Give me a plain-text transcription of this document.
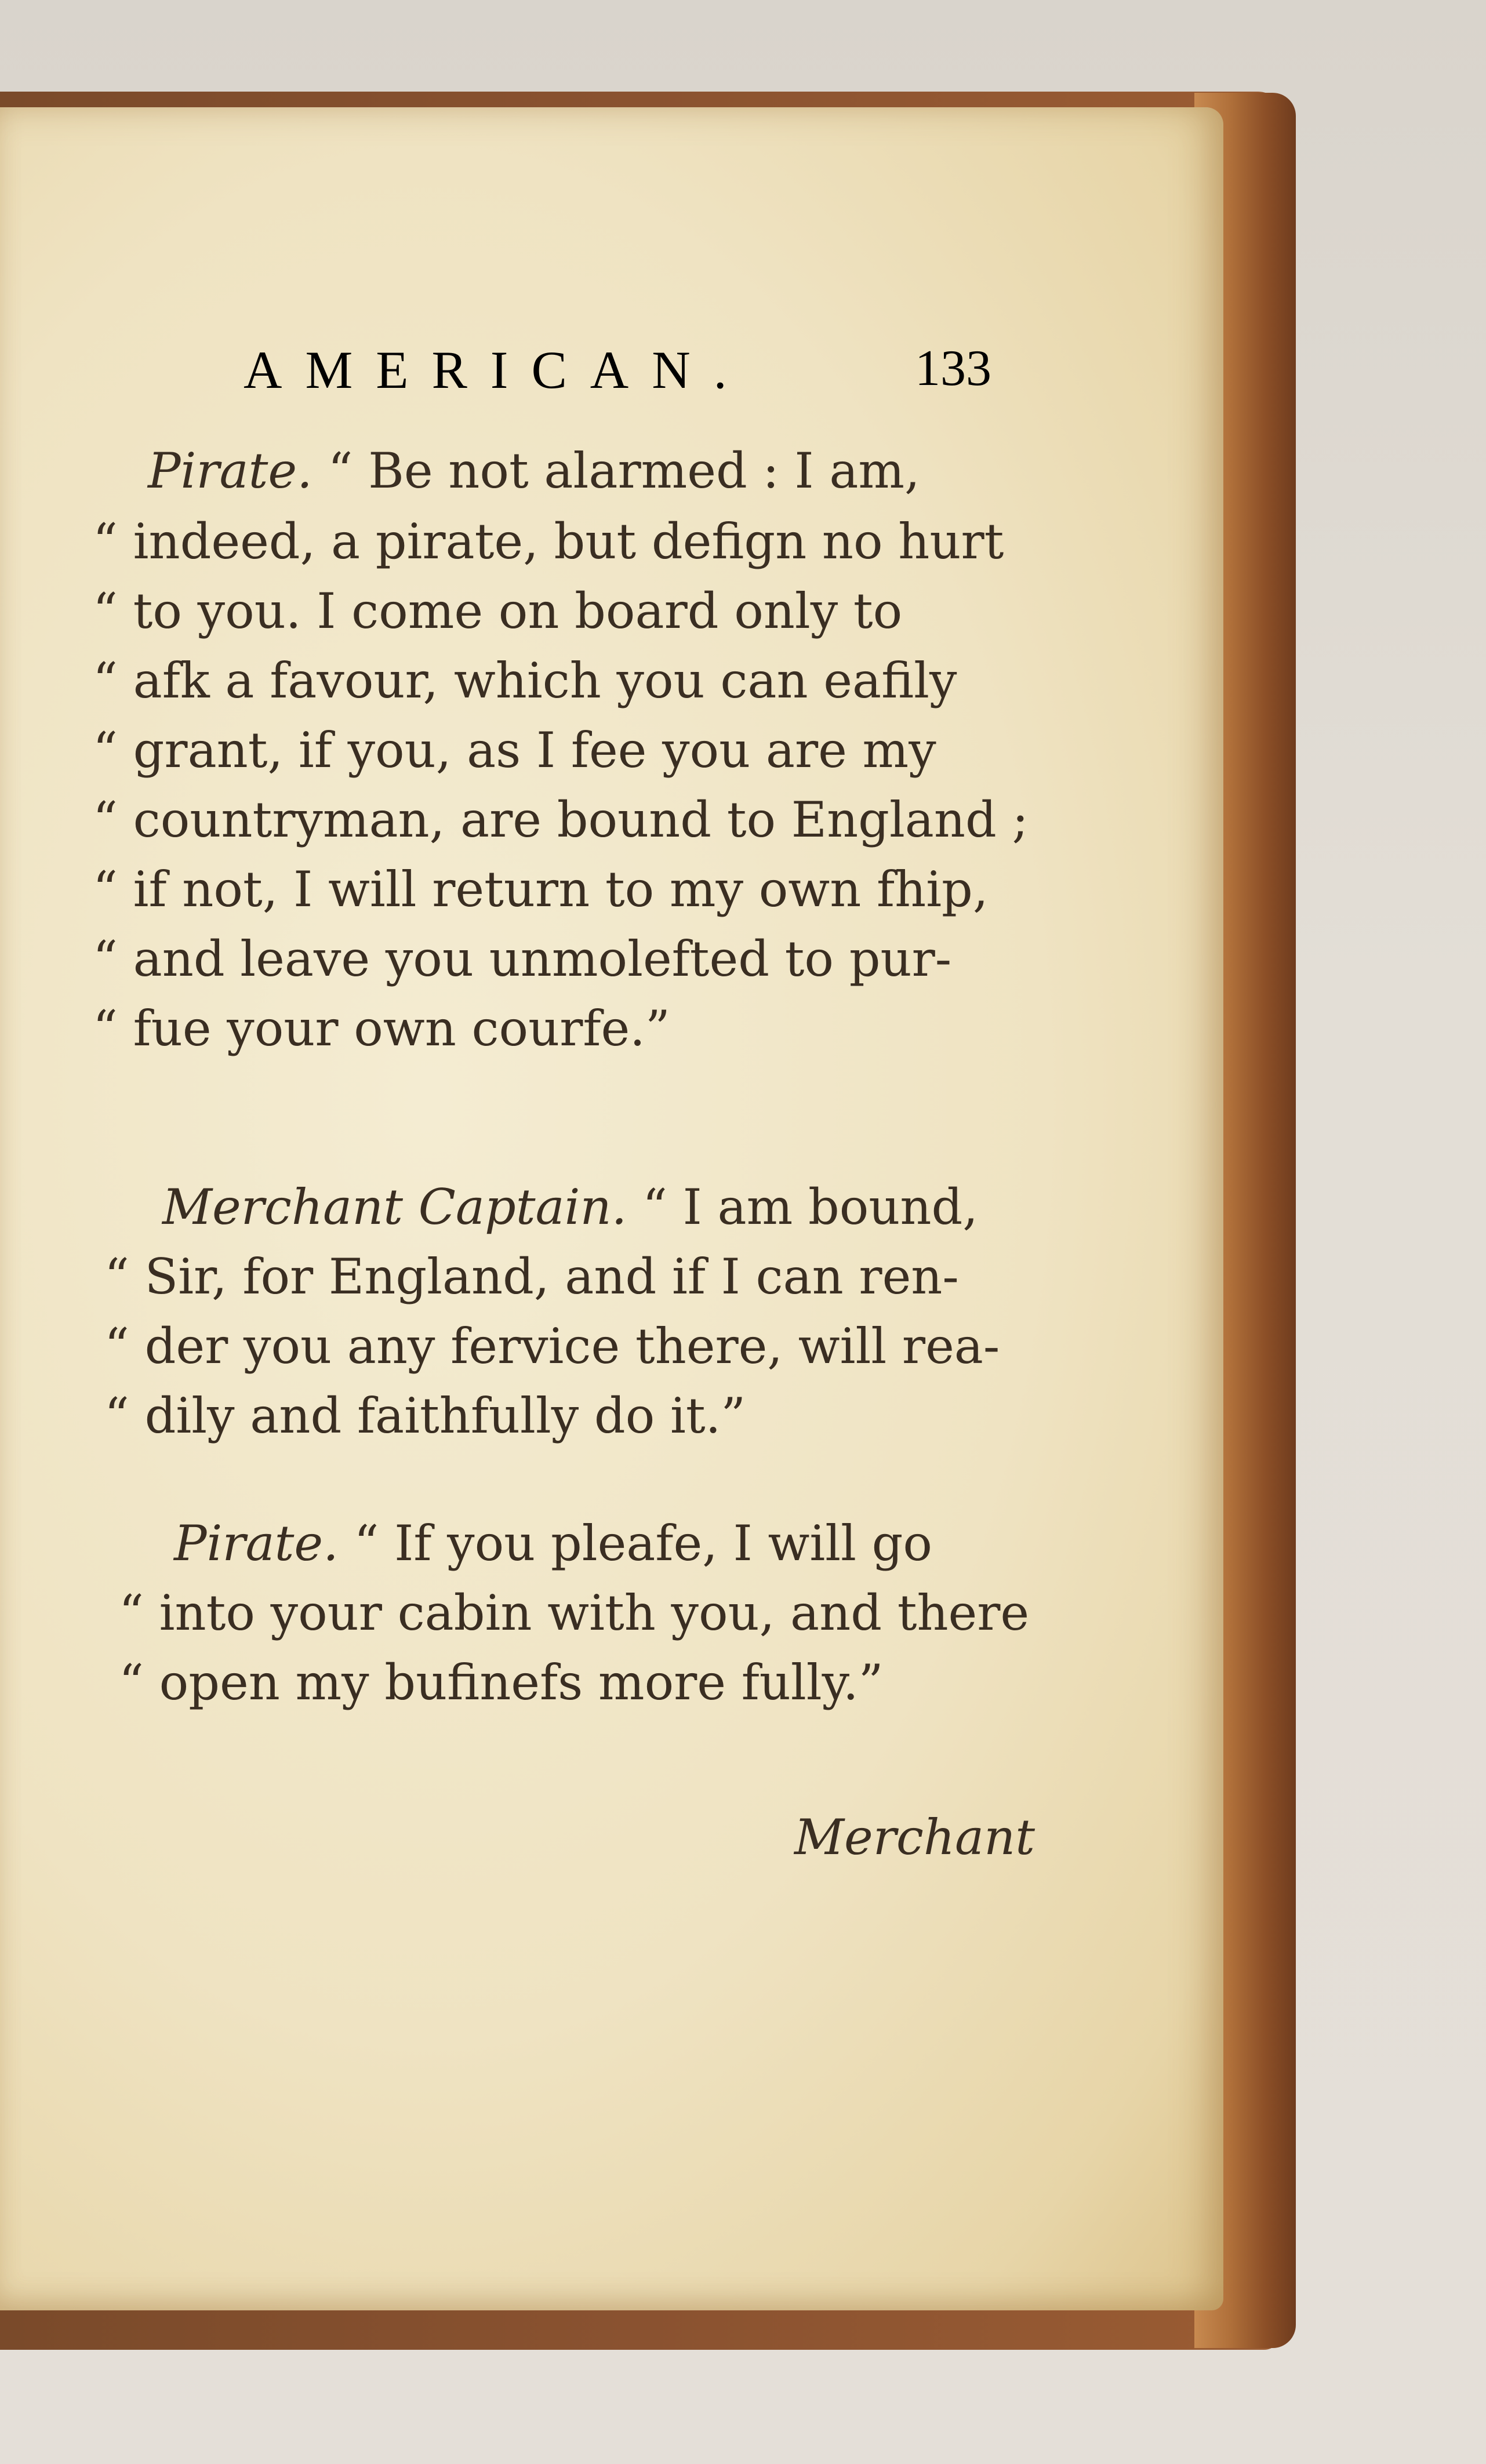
AMERICAN.	133
Pirate. “ Be not alarmed : I am,
“ indeed, a pirate, but defign no hurt
“ to you. I come on board only to
“ afk a favour, which you can eafily
“ grant, if you, as I fee you are my
“ countryman, are bound to England ;
“ if not, I will return to my own fhip,
“ and leave you unmolefted to pur-
“ fue your own courfe.”
Merchant Captain. “ I am bound,
“ Sir, for England, and if I can ren-
“ der you any fervice there, will rea-
“ dily and faithfully do it.”
Pirate. “ If you pleafe, I will go
“ into your cabin with you, and there
“ open my bufinefs more fully.”
Merchant
